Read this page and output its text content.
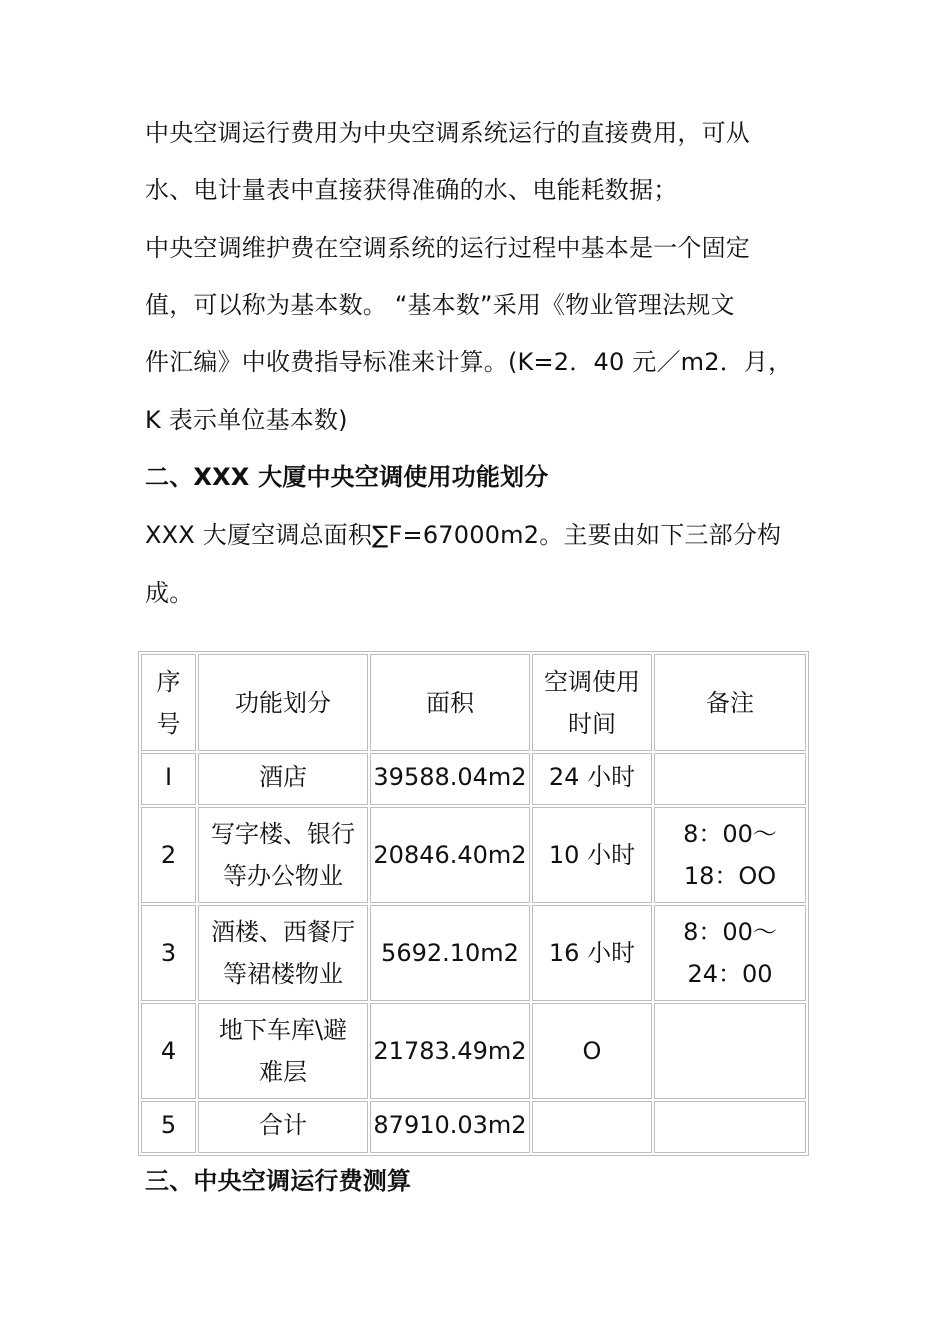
中央空调运行费用为中央空调系统运行的直接费用，可从
水、电计量表中直接获得准确的水、电能耗数据；
中央空调维护费在空调系统的运行过程中基本是一个固定
值，可以称为基本数。 “基本数”采用《物业管理法规文
件汇编》中收费指导标准来计算。(K=2．40 元／m2．月，
K 表示单位基本数)
二、XXX 大厦中央空调使用功能划分
XXX 大厦空调总面积∑F=67000m2。主要由如下三部分构
成。
序
号	功能划分	面积	空调使用
时间	备注

I	酒店	39588.04m2	24 小时	

2	写字楼、银行
等办公物业	20846.40m2	10 小时	8：00～
18：OO

3	酒楼、西餐厅
等裙楼物业	5692.10m2	16 小时	8：00～
24：00

4	地下车库\避
难层	21783.49m2	O	

5	合计	87910.03m2		

三、中央空调运行费测算
